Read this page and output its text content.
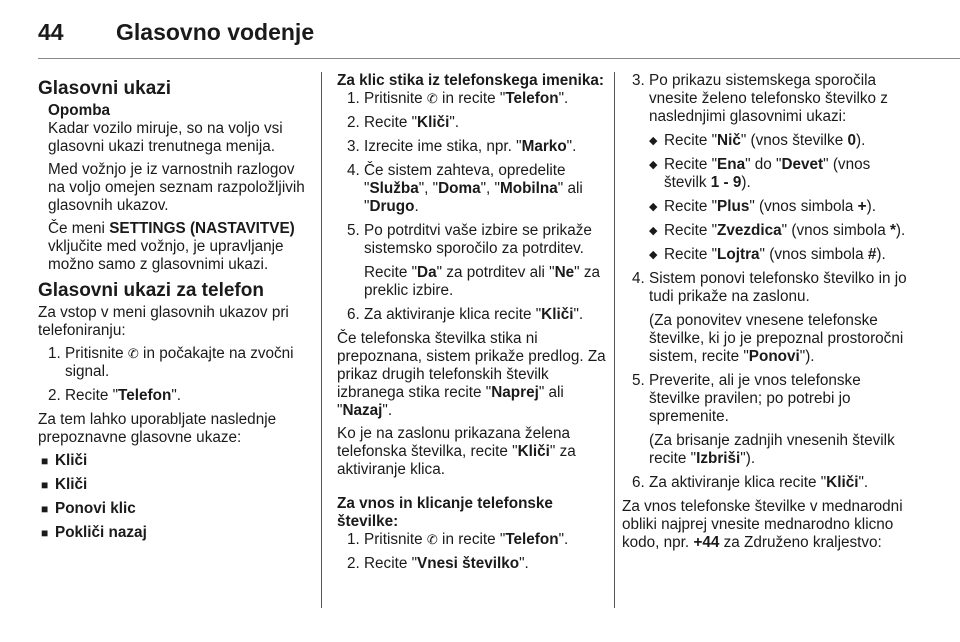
44 Glasovno vodenje
Glasovni ukazi
Opomba

Kadar vozilo miruje, so na voljo vsi glasovni ukazi trenutnega menija.

Med vožnjo je iz varnostnih razlogov na voljo omejen seznam razpoložljivih glasovnih ukazov.

Če meni SETTINGS (NASTAVITVE) vključite med vožnjo, je upravljanje možno samo z glasovnimi ukazi.

Glasovni ukazi za telefon

Za vstop v meni glasovnih ukazov pri telefoniranju:

1. Pritisnite ✆ in počakajte na zvočni signal.
2. Recite "Telefon".

Za tem lahko uporabljate naslednje prepoznavne glasovne ukaze:

■ Kliči
■ Kliči
■ Ponovi klic
■ Pokliči nazaj
Za klic stika iz telefonskega imenika:
1. Pritisnite ✆ in recite "Telefon".
2. Recite "Kliči".
3. Izrecite ime stika, npr. "Marko".
4. Če sistem zahteva, opredelite "Služba", "Doma", "Mobilna" ali "Drugo.
5. Po potrditvi vaše izbire se prikaže sistemsko sporočilo za potrditev.

Recite "Da" za potrditev ali "Ne" za preklic izbire.

6. Za aktiviranje klica recite "Kliči".

Če telefonska številka stika ni prepoznana, sistem prikaže predlog. Za prikaz drugih telefonskih številk izbranega stika recite "Naprej" ali "Nazaj".

Ko je na zaslonu prikazana želena telefonska številka, recite "Kliči" za aktiviranje klica.

Za vnos in klicanje telefonske številke:
1. Pritisnite ✆ in recite "Telefon".
2. Recite "Vnesi številko".
3. Po prikazu sistemskega sporočila vnesite želeno telefonsko številko z naslednjimi glasovnimi ukazi:
◆ Recite "Nič" (vnos številke 0).
◆ Recite "Ena" do "Devet" (vnos številk 1 - 9).
◆ Recite "Plus" (vnos simbola +).
◆ Recite "Zvezdica" (vnos simbola *).
◆ Recite "Lojtra" (vnos simbola #).
4. Sistem ponovi telefonsko številko in jo tudi prikaže na zaslonu.

(Za ponovitev vnesene telefonske številke, ki jo je prepoznal prostoročni sistem, recite "Ponovi").

5. Preverite, ali je vnos telefonske številke pravilen; po potrebi jo spremenite.

(Za brisanje zadnjih vnesenih številk recite "Izbriši").

6. Za aktiviranje klica recite "Kliči".

Za vnos telefonske številke v mednarodni obliki najprej vnesite mednarodno klicno kodo, npr. +44 za Združeno kraljestvo:
